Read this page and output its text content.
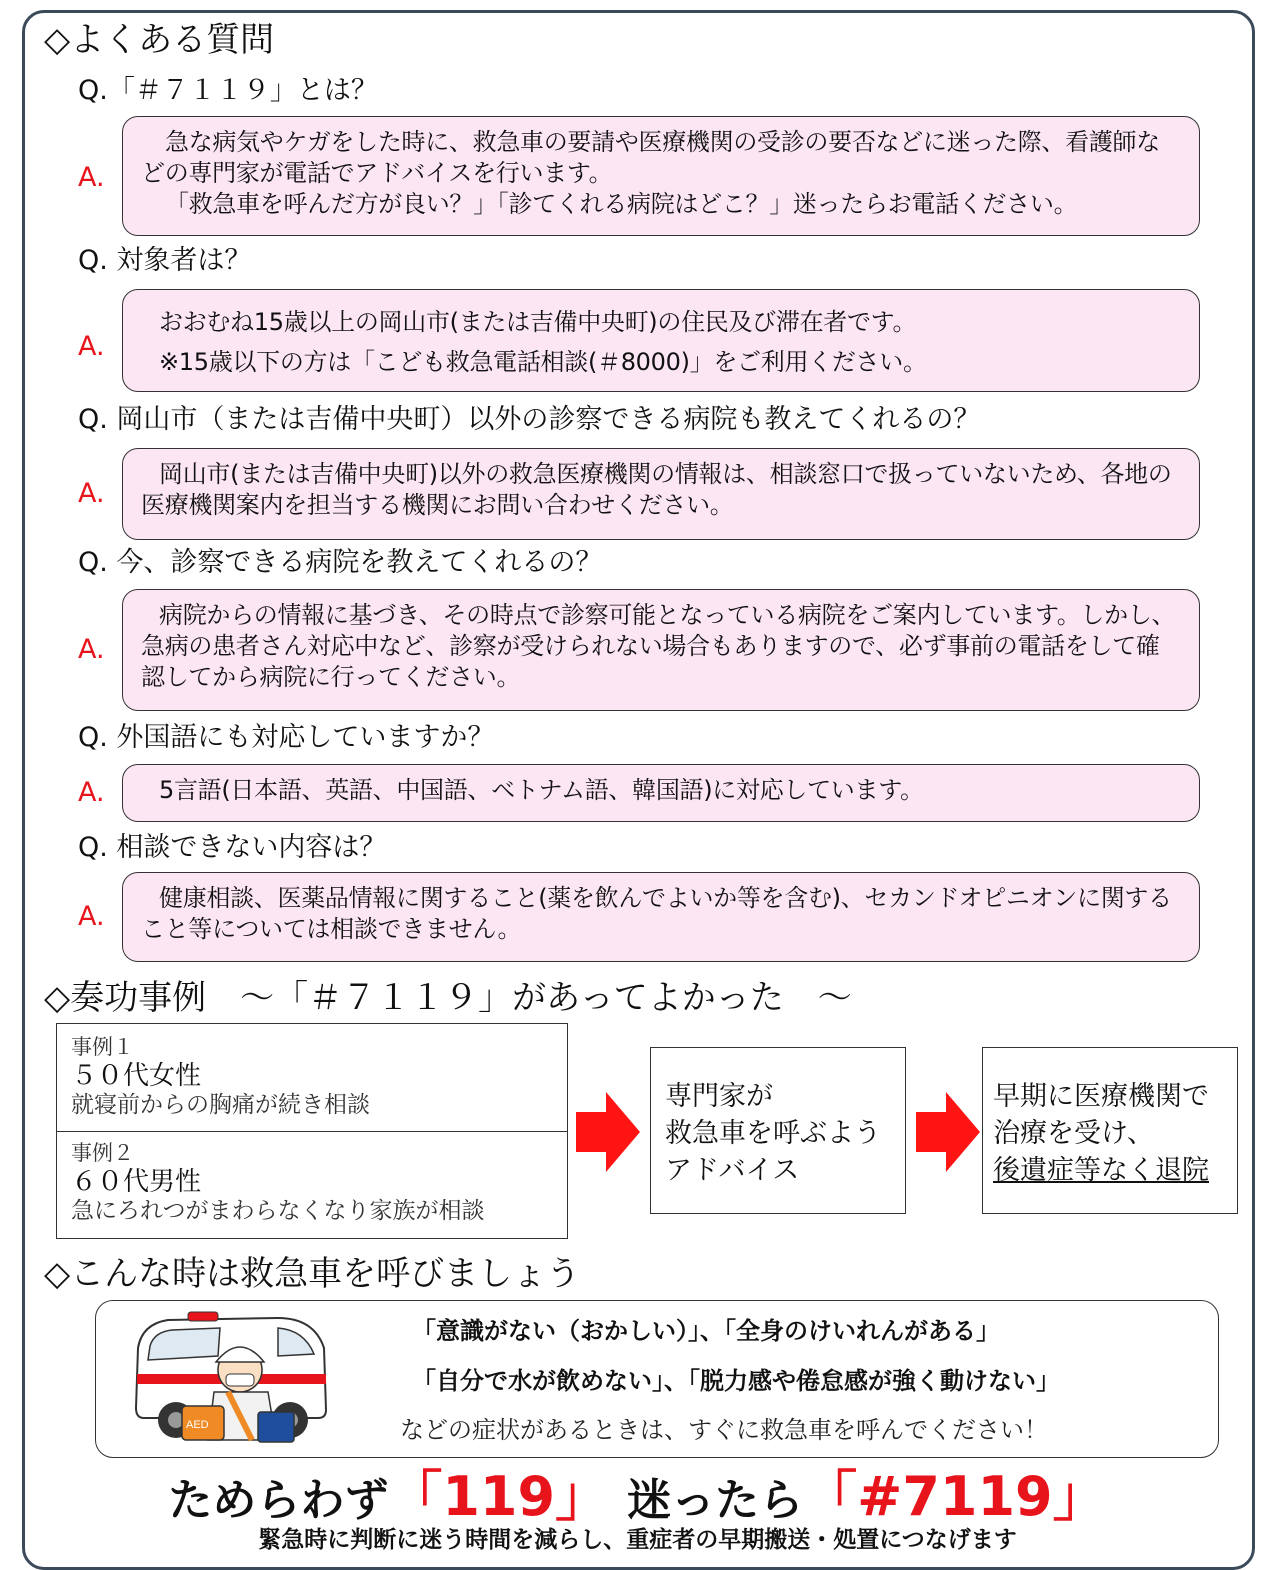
◇よくある質問
Q.「＃７１１９」とは？
A.

急な病気やケガをした時に、救急車の要請や医療機関の受診の要否などに迷った際、看護師などの専門家が電話でアドバイスを行います。

「救急車を呼んだ方が良い？」「診てくれる病院はどこ？」迷ったらお電話ください。

Q. 対象者は？
A.

おおむね15歳以上の岡山市(または吉備中央町)の住民及び滞在者です。

※15歳以下の方は「こども救急電話相談(＃8000)」をご利用ください。

Q. 岡山市（または吉備中央町）以外の診察できる病院も教えてくれるの？
A.

岡山市(または吉備中央町)以外の救急医療機関の情報は、相談窓口で扱っていないため、各地の医療機関案内を担当する機関にお問い合わせください。

Q. 今、診察できる病院を教えてくれるの？
A.

病院からの情報に基づき、その時点で診察可能となっている病院をご案内しています。しかし、急病の患者さん対応中など、診察が受けられない場合もありますので、必ず事前の電話をして確認してから病院に行ってください。

Q. 外国語にも対応していますか？
A.	5言語(日本語、英語、中国語、ベトナム語、韓国語)に対応しています。

Q. 相談できない内容は？
A.

健康相談、医薬品情報に関すること(薬を飲んでよいか等を含む)、セカンドオピニオンに関すること等については相談できません。

◇奏功事例　～「＃７１１９」があってよかった　～
事例１
５０代女性
就寝前からの胸痛が続き相談
事例２
６０代男性
急にろれつがまわらなくなり家族が相談
専門家が
救急車を呼ぶよう
アドバイス
早期に医療機関で
治療を受け、
後遺症等なく退院
◇こんな時は救急車を呼びましょう
AED
「意識がない（おかしい）」、「全身のけいれんがある」
「自分で水が飲めない」、「脱力感や倦怠感が強く動けない」
などの症状があるときは、すぐに救急車を呼んでください！
ためらわず「119」 迷ったら「#7119」
緊急時に判断に迷う時間を減らし、重症者の早期搬送・処置につなげます
